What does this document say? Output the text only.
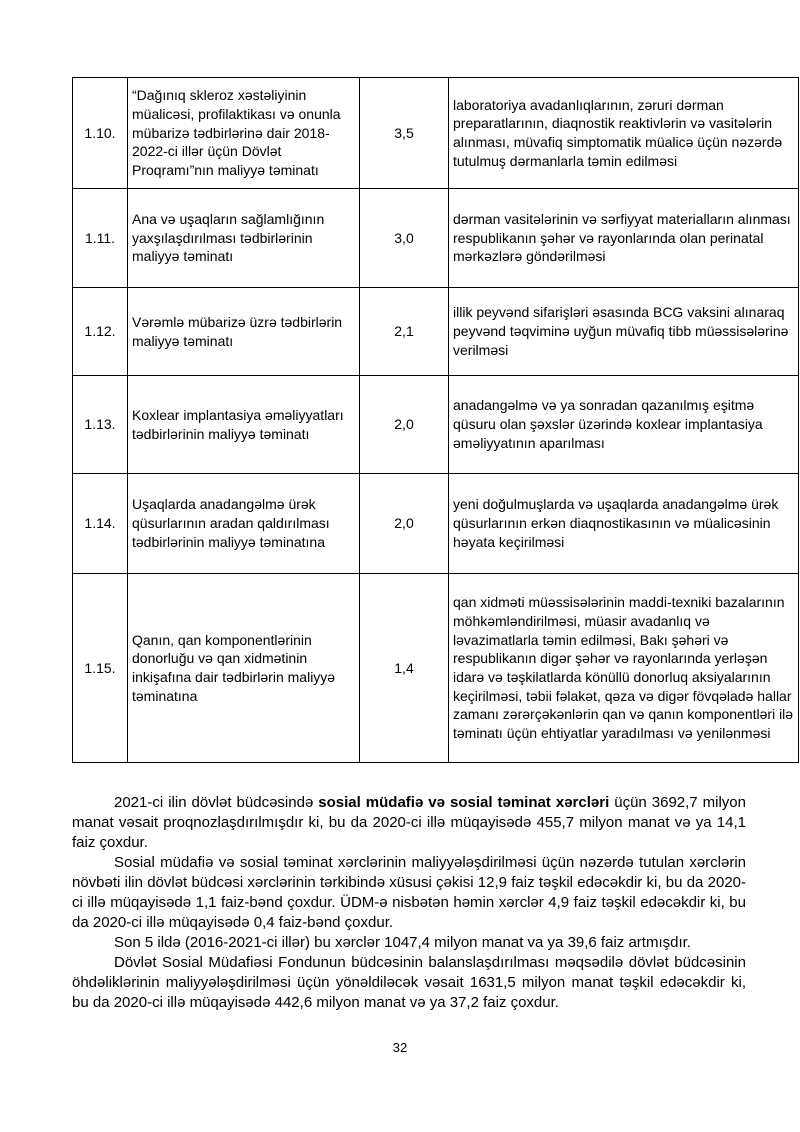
1.10.	“Dağınıq skleroz xəstəliyinin müalicəsi, profilaktikası və onunla mübarizə tədbirlərinə dair 2018-2022-ci illər üçün Dövlət Proqramı”nın maliyyə təminatı	3,5	laboratoriya avadanlıqlarının, zəruri dərman preparatlarının, diaqnostik reaktivlərin və vasitələrin alınması, müvafiq simptomatik müalicə üçün nəzərdə tutulmuş dərmanlarla təmin edilməsi
1.11.	Ana və uşaqların sağlamlığının yaxşılaşdırılması tədbirlərinin maliyyə təminatı	3,0	dərman vasitələrinin və sərfiyyat materialların alınması respublikanın şəhər və rayonlarında olan perinatal mərkəzlərə göndərilməsi
1.12.	Vərəmlə mübarizə üzrə tədbirlərin maliyyə təminatı	2,1	illik peyvənd sifarişləri əsasında BCG vaksini alınaraq peyvənd təqviminə uyğun müvafiq tibb müəssisələrinə verilməsi
1.13.	Koxlear implantasiya əməliyyatları tədbirlərinin maliyyə təminatı	2,0	anadangəlmə və ya sonradan qazanılmış eşitmə qüsuru olan şəxslər üzərində koxlear implantasiya əməliyyatının aparılması
1.14.	Uşaqlarda anadangəlmə ürək qüsurlarının aradan qaldırılması tədbirlərinin maliyyə təminatına	2,0	yeni doğulmuşlarda və uşaqlarda anadangəlmə ürək qüsurlarının erkən diaqnostikasının və müalicəsinin həyata keçirilməsi
1.15.	Qanın, qan komponentlərinin donorluğu və qan xidmətinin inkişafına dair tədbirlərin maliyyə təminatına	1,4	qan xidməti müəssisələrinin maddi-texniki bazalarının möhkəmləndirilməsi, müasir avadanlıq və ləvazimatlarla təmin edilməsi, Bakı şəhəri və respublikanın digər şəhər və rayonlarında yerləşən idarə və təşkilatlarda könüllü donorluq aksiyalarının keçirilməsi, təbii fəlakət, qəza və digər fövqəladə hallar zamanı zərərçəkənlərin qan və qanın komponentləri ilə təminatı üçün ehtiyatlar yaradılması və yenilənməsi

2021-ci ilin dövlət büdcəsində sosial müdafiə və sosial təminat xərcləri üçün 3692,7 milyon manat vəsait proqnozlaşdırılmışdır ki, bu da 2020-ci illə müqayisədə 455,7 milyon manat və ya 14,1 faiz çoxdur.

Sosial müdafiə və sosial təminat xərclərinin maliyyələşdirilməsi üçün nəzərdə tutulan xərclərin növbəti ilin dövlət büdcəsi xərclərinin tərkibində xüsusi çəkisi 12,9 faiz təşkil edəcəkdir ki, bu da 2020-ci illə müqayisədə 1,1 faiz-bənd çoxdur. ÜDM-ə nisbətən həmin xərclər 4,9 faiz təşkil edəcəkdir ki, bu da 2020-ci illə müqayisədə 0,4 faiz-bənd çoxdur.

Son 5 ildə (2016-2021-ci illər) bu xərclər 1047,4 milyon manat va ya 39,6 faiz artmışdır.

Dövlət Sosial Müdafiəsi Fondunun büdcəsinin balanslaşdırılması məqsədilə dövlət büdcəsinin öhdəliklərinin maliyyələşdirilməsi üçün yönəldiləcək vəsait 1631,5 milyon manat təşkil edəcəkdir ki, bu da 2020-ci illə müqayisədə 442,6 milyon manat və ya 37,2 faiz çoxdur.

32
